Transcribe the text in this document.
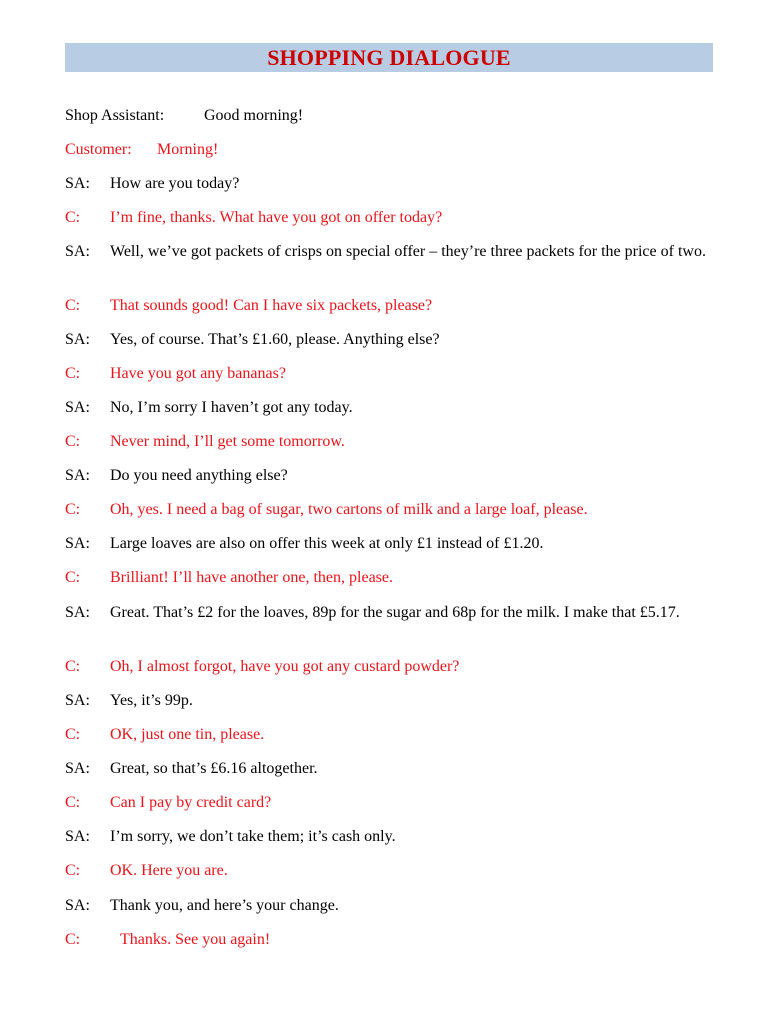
SHOPPING DIALOGUE
Shop Assistant: Good morning!
Customer: Morning!
SA: How are you today?
C: I’m fine, thanks. What have you got on offer today?
SA: Well, we’ve got packets of crisps on special offer – they’re three packets for the price of two.
C: That sounds good! Can I have six packets, please?
SA: Yes, of course. That’s £1.60, please. Anything else?
C: Have you got any bananas?
SA: No, I’m sorry I haven’t got any today.
C: Never mind, I’ll get some tomorrow.
SA: Do you need anything else?
C: Oh, yes. I need a bag of sugar, two cartons of milk and a large loaf, please.
SA: Large loaves are also on offer this week at only £1 instead of £1.20.
C: Brilliant! I’ll have another one, then, please.
SA: Great. That’s £2 for the loaves, 89p for the sugar and 68p for the milk. I make that £5.17.
C: Oh, I almost forgot, have you got any custard powder?
SA: Yes, it’s 99p.
C: OK, just one tin, please.
SA: Great, so that’s £6.16 altogether.
C: Can I pay by credit card?
SA: I’m sorry, we don’t take them; it’s cash only.
C: OK. Here you are.
SA: Thank you, and here’s your change.
C: Thanks. See you again!
